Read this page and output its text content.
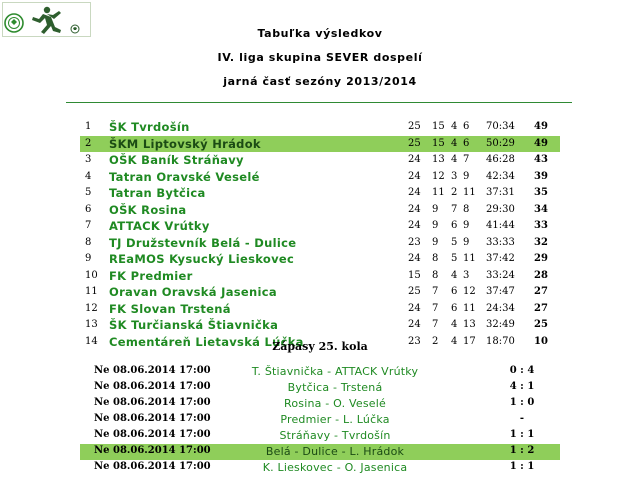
Tabuľka výsledkov
IV. liga skupina SEVER dospelí
jarná časť sezóny 2013/2014
1 ŠK Tvrdošín	25 15 4 6 70:34 49
2 ŠKM Liptovský Hrádok	25 15 4 6 50:29 49
3 OŠK Baník Stráňavy	24 13 4 7 46:28 43
4 Tatran Oravské Veselé	24 12 3 9 42:34 39
5 Tatran Bytčica	24 11 2 11 37:31 35
6 OŠK Rosina	24 9 7 8 29:30 34
7 ATTACK Vrútky	24 9 6 9 41:44 33
8 TJ Družstevník Belá - Dulice	23 9 5 9 33:33 32
9 REaMOS Kysucký Lieskovec	24 8 5 11 37:42 29
10 FK Predmier	15 8 4 3 33:24 28
11 Oravan Oravská Jasenica	25 7 6 12 37:47 27
12 FK Slovan Trstená	24 7 6 11 24:34 27
13 ŠK Turčianská Štiavnička	24 7 4 13 32:49 25
14 Cementáreň Lietavská Lúčka	23 2 4 17 18:70 10
Zápasy 25. kola
Ne 08.06.2014 17:00	T. Štiavnička - ATTACK Vrútky	0 : 4
Ne 08.06.2014 17:00	Bytčica - Trstená	4 : 1
Ne 08.06.2014 17:00	Rosina - O. Veselé	1 : 0
Ne 08.06.2014 17:00	Predmier - L. Lúčka	-
Ne 08.06.2014 17:00	Stráňavy - Tvrdošín	1 : 1
Ne 08.06.2014 17:00	Belá - Dulice - L. Hrádok	1 : 2
Ne 08.06.2014 17:00	K. Lieskovec - O. Jasenica	1 : 1
